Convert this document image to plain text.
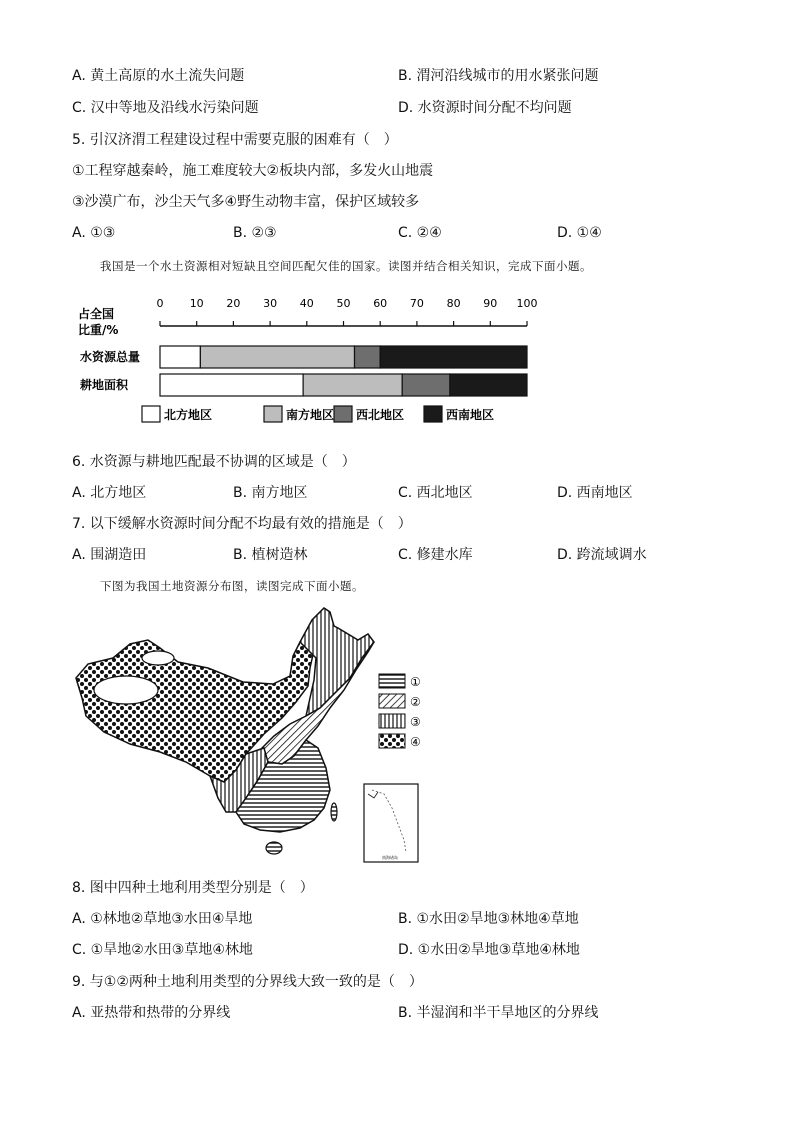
A. 黄土高原的水土流失问题	B. 渭河沿线城市的用水紧张问题
C. 汉中等地及沿线水污染问题	D. 水资源时间分配不均问题
5. 引汉济渭工程建设过程中需要克服的困难有（　）
①工程穿越秦岭，施工难度较大②板块内部，多发火山地震
③沙漠广布，沙尘天气多④野生动物丰富，保护区域较多
A. ①③	B. ②③	C. ②④	D. ①④
我国是一个水土资源相对短缺且空间匹配欠佳的国家。读图并结合相关知识，完成下面小题。
占全国
比重/%
0 10 20 30 40 50 60 70 80 90 100
水资源总量
耕地面积
北方地区	南方地区 西北地区	西南地区
6. 水资源与耕地匹配最不协调的区域是（　）
A. 北方地区	B. 南方地区	C. 西北地区	D. 西南地区
7. 以下缓解水资源时间分配不均最有效的措施是（　）
A. 围湖造田	B. 植树造林	C. 修建水库	D. 跨流域调水
下图为我国土地资源分布图，读图完成下面小题。
①
②
③
④
南海诸岛
8. 图中四种土地利用类型分别是（　）
A. ①林地②草地③水田④旱地	B. ①水田②旱地③林地④草地
C. ①旱地②水田③草地④林地	D. ①水田②旱地③草地④林地
9. 与①②两种土地利用类型的分界线大致一致的是（　）
A. 亚热带和热带的分界线	B. 半湿润和半干旱地区的分界线
